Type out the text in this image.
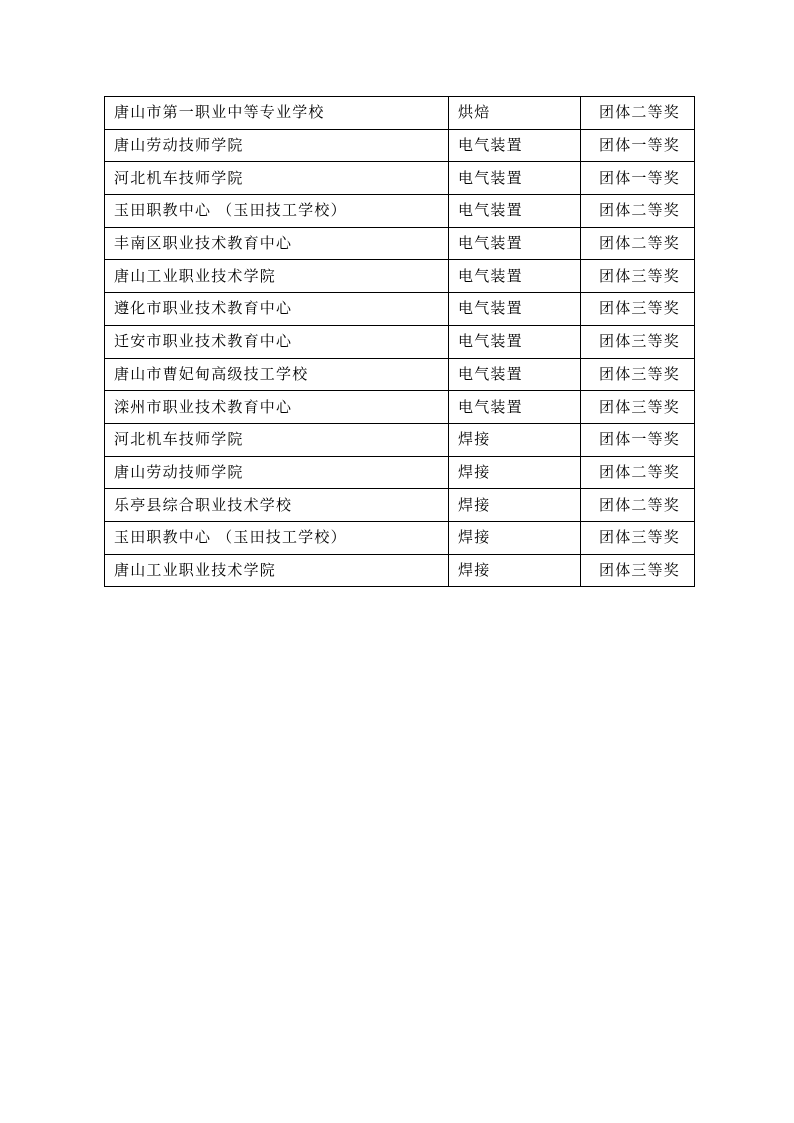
唐山市第一职业中等专业学校	烘焙	团体二等奖
唐山劳动技师学院	电气装置	团体一等奖
河北机车技师学院	电气装置	团体一等奖
玉田职教中心 （玉田技工学校）	电气装置	团体二等奖
丰南区职业技术教育中心	电气装置	团体二等奖
唐山工业职业技术学院	电气装置	团体三等奖
遵化市职业技术教育中心	电气装置	团体三等奖
迁安市职业技术教育中心	电气装置	团体三等奖
唐山市曹妃甸高级技工学校	电气装置	团体三等奖
滦州市职业技术教育中心	电气装置	团体三等奖
河北机车技师学院	焊接	团体一等奖
唐山劳动技师学院	焊接	团体二等奖
乐亭县综合职业技术学校	焊接	团体二等奖
玉田职教中心 （玉田技工学校）	焊接	团体三等奖
唐山工业职业技术学院	焊接	团体三等奖
